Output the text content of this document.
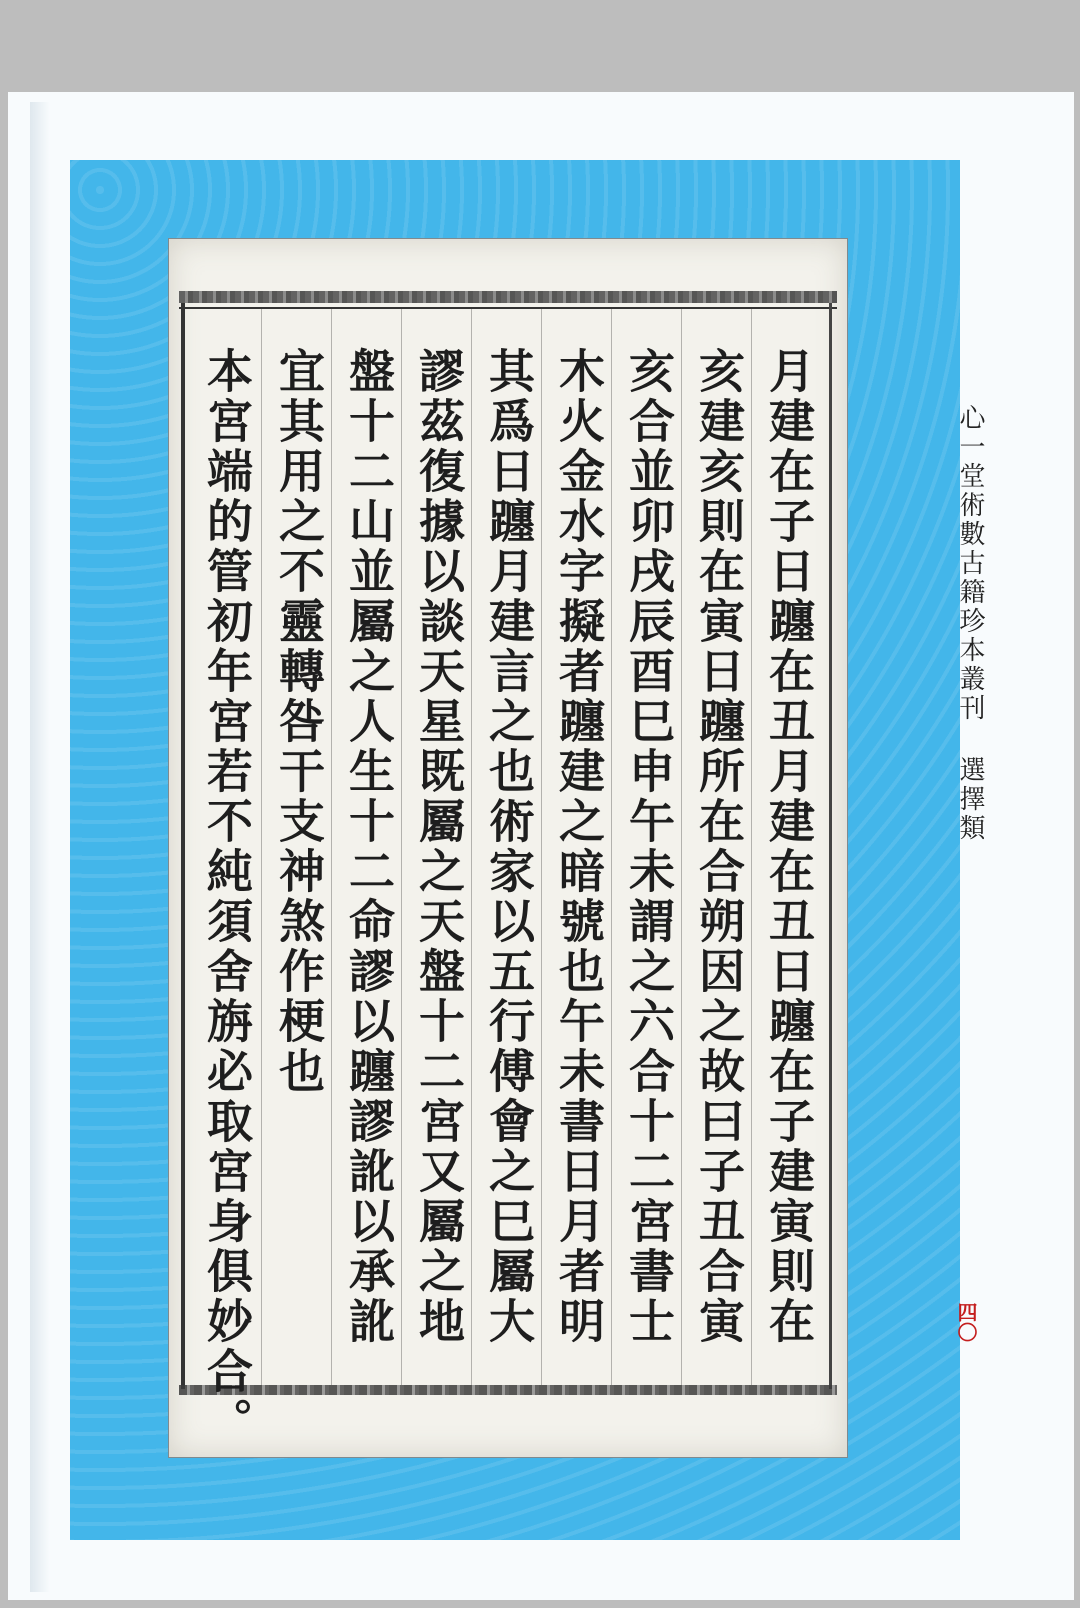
月建在子日躔在丑月建在丑日躔在子建寅則在
亥建亥則在寅日躔所在合朔因之故曰子丑合寅
亥合並卯戌辰酉巳申午未謂之六合十二宮書士
木火金水字擬者躔建之暗號也午未書日月者明
其爲日躔月建言之也術家以五行傅會之巳屬大
謬茲復據以談天星既屬之天盤十二宮又屬之地
盤十二山並屬之人生十二命謬以躔謬訛以承訛
宜其用之不靈轉咎干支神煞作梗也
本宮端的管初年宮若不純須舍旃必取宮身俱妙合。	心一堂術數古籍珍本叢刊 選擇類
四〇
